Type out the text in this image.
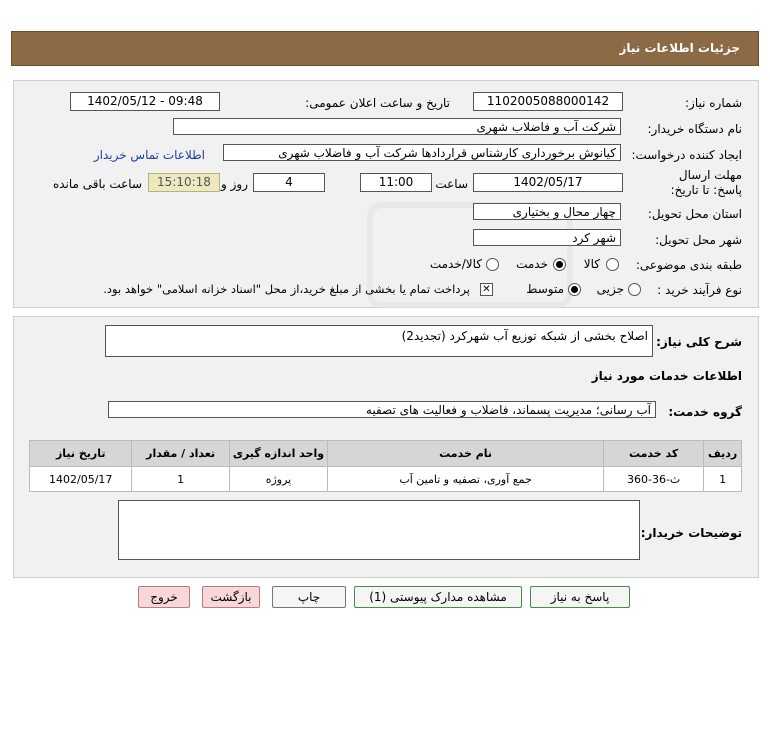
جزئیات اطلاعات نیاز
شماره نیاز:
1102005088000142
تاریخ و ساعت اعلان عمومی:
1402/05/12 - 09:48
نام دستگاه خریدار:
شرکت آب و فاضلاب شهری
ایجاد کننده درخواست:
کیانوش برخورداری کارشناس قراردادها شرکت آب و فاضلاب شهری
اطلاعات تماس خریدار
مهلت ارسال پاسخ: تا تاریخ:
1402/05/17
ساعت
11:00
4
روز و
15:10:18
ساعت باقی مانده
استان محل تحویل:
چهار محال و بختیاری
شهر محل تحویل:
شهر کرد
طبقه بندی موضوعی:
کالا
خدمت
کالا/خدمت
نوع فرآیند خرید :
جزیی
متوسط
✕
پرداخت تمام یا بخشی از مبلغ خرید،از محل "اسناد خزانه اسلامی" خواهد بود.
شرح کلی نیاز:
اصلاح بخشی از شبکه توزیع آب شهرکرد (تجدید2)
اطلاعات خدمات مورد نیاز
گروه خدمت:
آب رسانی؛ مدیریت پسماند، فاضلاب و فعالیت های تصفیه
تاریخ نیاز	تعداد / مقدار	واحد اندازه گیری	نام خدمت	کد خدمت	ردیف
1402/05/17	1	پروژه	جمع آوری، تصفیه و تامین آب	ث-36-360	1
توضیحات خریدار:
پاسخ به نیاز
مشاهده مدارک پیوستی (1)
چاپ
بازگشت
خروج
